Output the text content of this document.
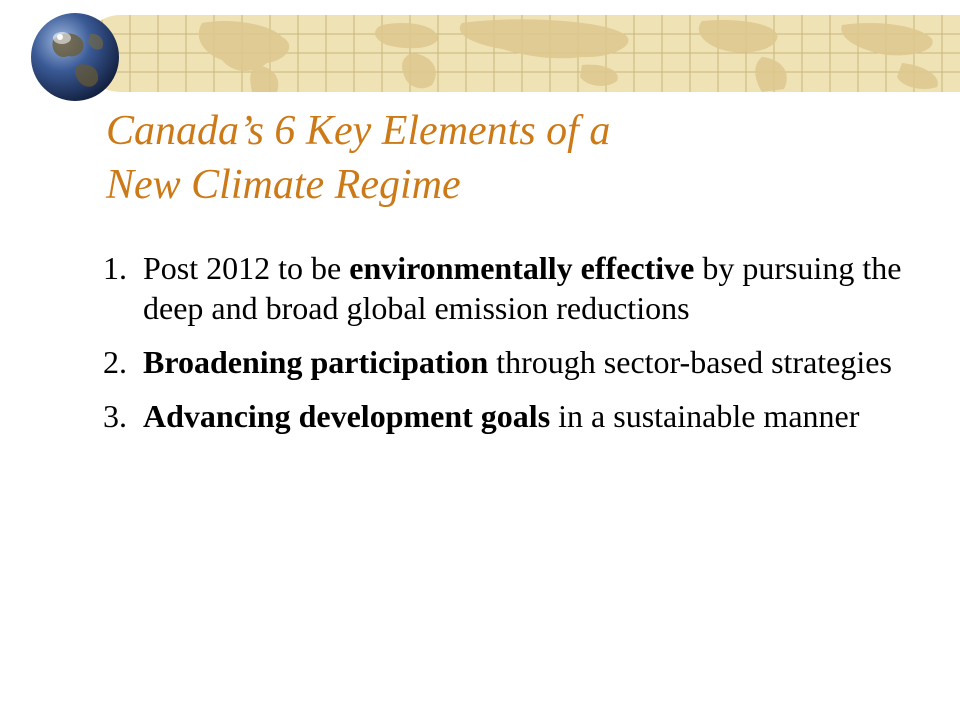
Canada’s 6 Key Elements of a
New Climate Regime
1. Post 2012 to be environmentally effective by pursuing the deep and broad global emission reductions
2. Broadening participation through sector-based strategies
3. Advancing development goals in a sustainable manner
